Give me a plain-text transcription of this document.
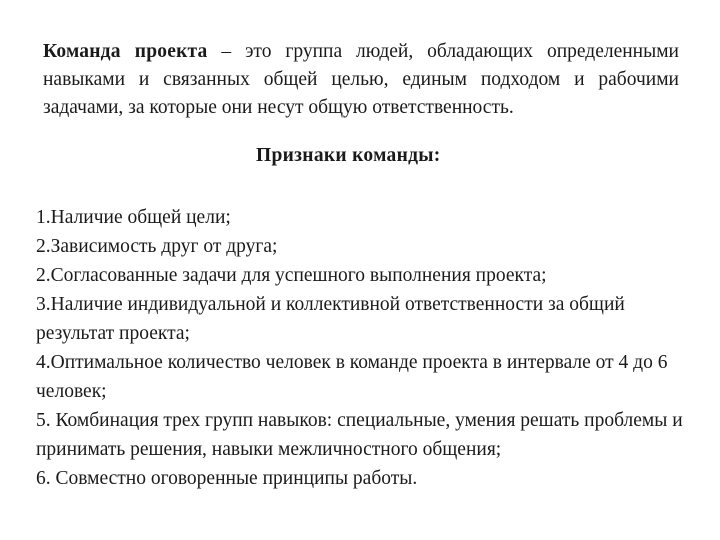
Команда проекта – это группа людей, обладающих определенными навыками и связанных общей целью, единым подходом и рабочими задачами, за которые они несут общую ответственность.

Признаки команды:

1.Наличие общей цели;
2.Зависимость друг от друга;
2.Согласованные задачи для успешного выполнения проекта;
3.Наличие индивидуальной и коллективной ответственности за общий результат проекта;
4.Оптимальное количество человек в команде проекта в интервале от 4 до 6 человек;
5. Комбинация трех групп навыков: специальные, умения решать проблемы и принимать решения, навыки межличностного общения;
6. Совместно оговоренные принципы работы.
